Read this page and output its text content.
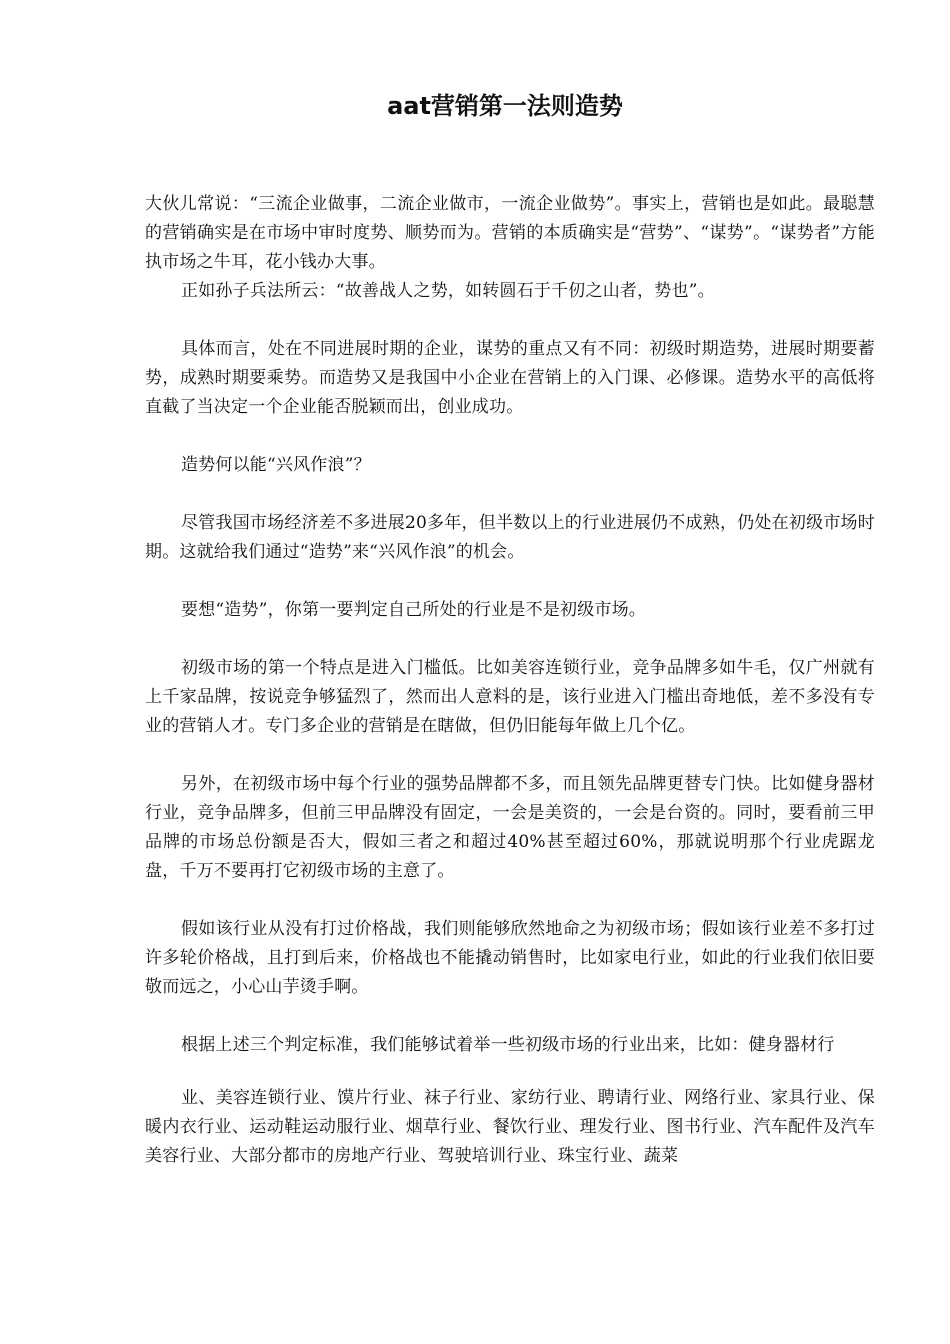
aat营销第一法则造势

大伙儿常说：“三流企业做事，二流企业做市，一流企业做势”。事实上，营销也是如此。最聪慧的营销确实是在市场中审时度势、顺势而为。营销的本质确实是“营势”、“谋势”。“谋势者”方能执市场之牛耳，花小钱办大事。

正如孙子兵法所云：“故善战人之势，如转圆石于千仞之山者，势也”。

具体而言，处在不同进展时期的企业，谋势的重点又有不同：初级时期造势，进展时期要蓄势，成熟时期要乘势。而造势又是我国中小企业在营销上的入门课、必修课。造势水平的高低将直截了当决定一个企业能否脱颖而出，创业成功。

造势何以能“兴风作浪”？

尽管我国市场经济差不多进展20多年，但半数以上的行业进展仍不成熟，仍处在初级市场时期。这就给我们通过“造势”来“兴风作浪”的机会。

要想“造势”，你第一要判定自己所处的行业是不是初级市场。

初级市场的第一个特点是进入门槛低。比如美容连锁行业，竞争品牌多如牛毛，仅广州就有上千家品牌，按说竞争够猛烈了，然而出人意料的是，该行业进入门槛出奇地低，差不多没有专业的营销人才。专门多企业的营销是在瞎做，但仍旧能每年做上几个亿。

另外，在初级市场中每个行业的强势品牌都不多，而且领先品牌更替专门快。比如健身器材行业，竞争品牌多，但前三甲品牌没有固定，一会是美资的，一会是台资的。同时，要看前三甲品牌的市场总份额是否大，假如三者之和超过40%甚至超过60%，那就说明那个行业虎踞龙盘，千万不要再打它初级市场的主意了。

假如该行业从没有打过价格战，我们则能够欣然地命之为初级市场；假如该行业差不多打过许多轮价格战，且打到后来，价格战也不能撬动销售时，比如家电行业，如此的行业我们依旧要敬而远之，小心山芋烫手啊。

根据上述三个判定标准，我们能够试着举一些初级市场的行业出来，比如：健身器材行

业、美容连锁行业、馍片行业、袜子行业、家纺行业、聘请行业、网络行业、家具行业、保暖内衣行业、运动鞋运动服行业、烟草行业、餐饮行业、理发行业、图书行业、汽车配件及汽车美容行业、大部分都市的房地产行业、驾驶培训行业、珠宝行业、蔬菜
